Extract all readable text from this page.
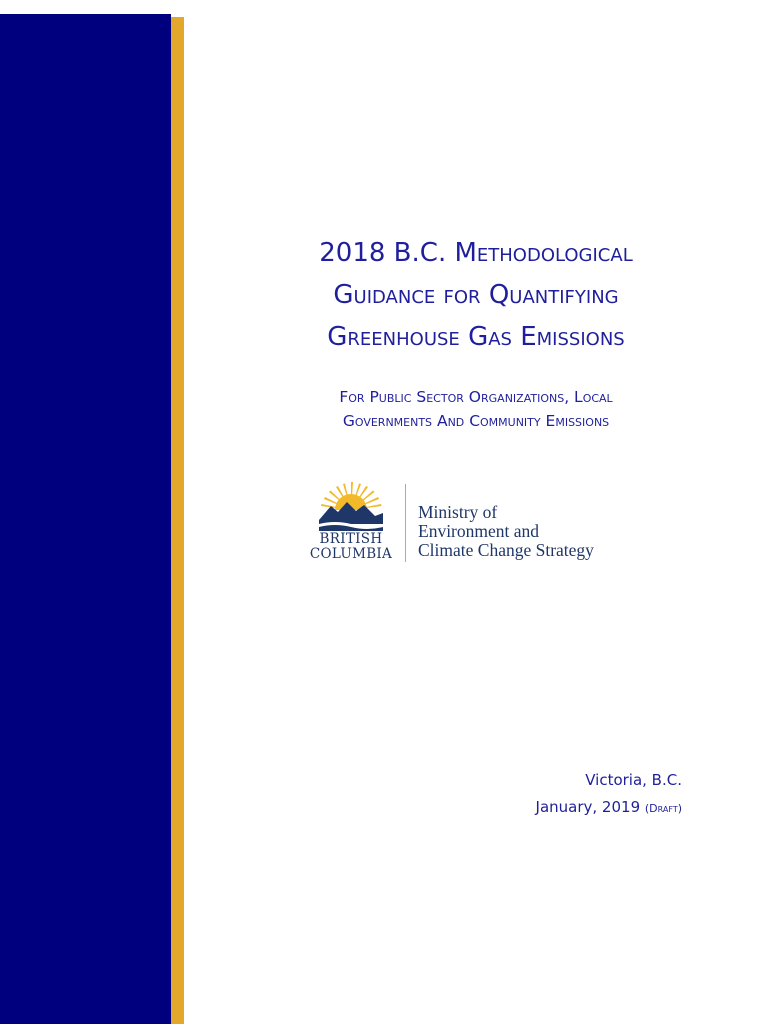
2018 B.C. Methodological
Guidance for Quantifying
Greenhouse Gas Emissions

For Public Sector Organizations, Local
Governments And Community Emissions

BRITISH
COLUMBIA
Ministry of
Environment and
Climate Change Strategy
Victoria, B.C.
January, 2019 (Draft)
